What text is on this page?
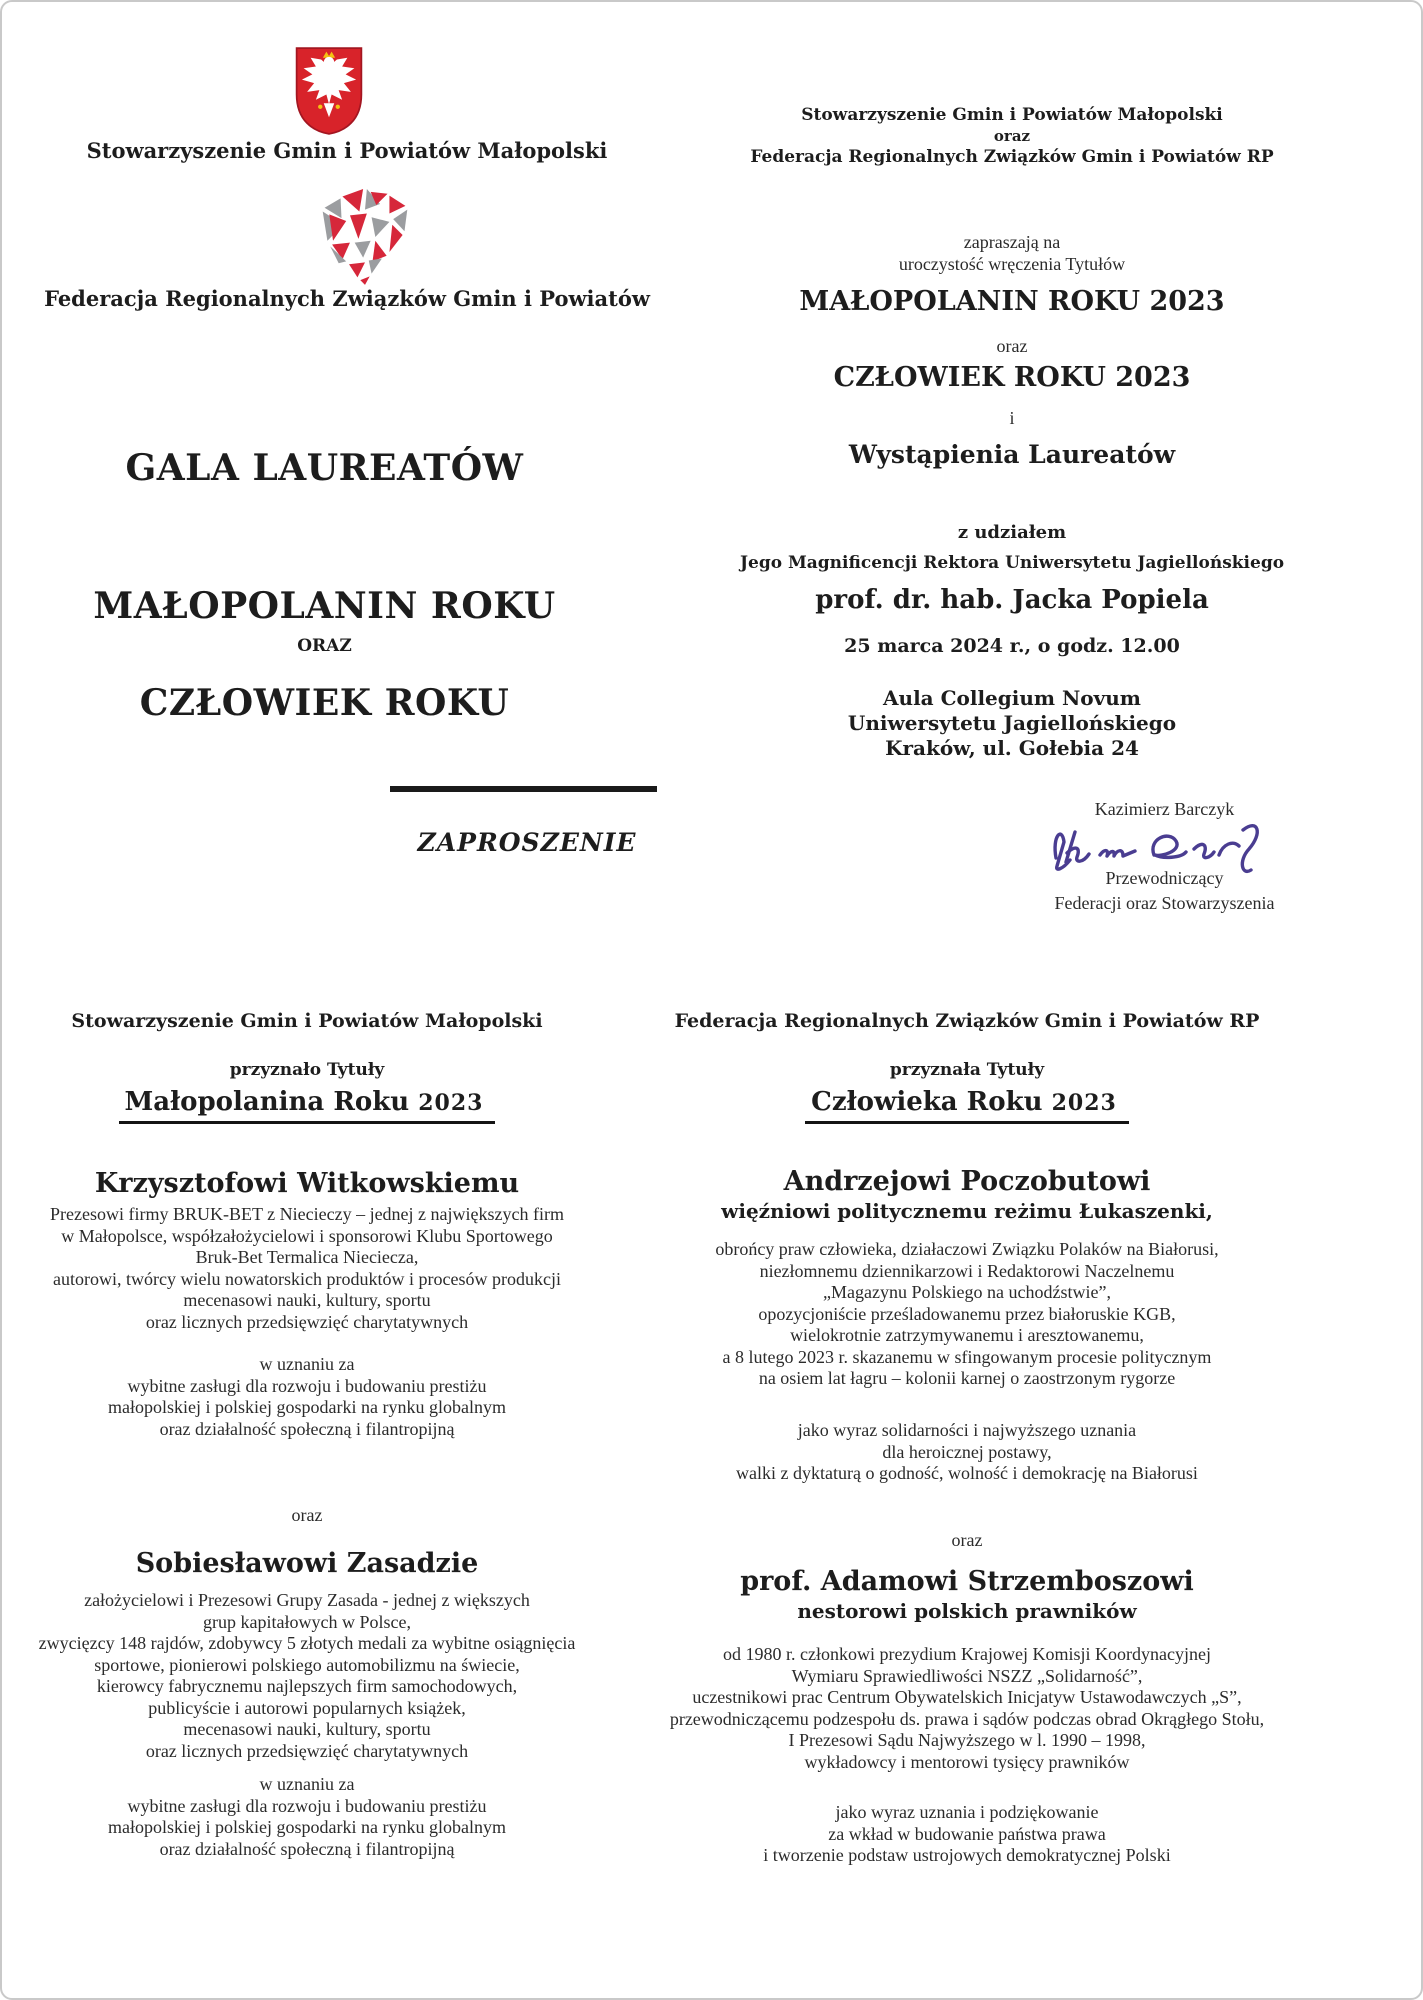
Stowarzyszenie Gmin i Powiatów Małopolski
Federacja Regionalnych Związków Gmin i Powiatów
GALA LAUREATÓW
MAŁOPOLANIN ROKU
ORAZ
CZŁOWIEK ROKU
ZAPROSZENIE
Stowarzyszenie Gmin i Powiatów Małopolski
oraz
Federacja Regionalnych Związków Gmin i Powiatów RP
zapraszają na
uroczystość wręczenia Tytułów
MAŁOPOLANIN ROKU 2023
oraz
CZŁOWIEK ROKU 2023
i
Wystąpienia Laureatów
z udziałem
Jego Magnificencji Rektora Uniwersytetu Jagiellońskiego
prof. dr. hab. Jacka Popiela
25 marca 2024 r., o godz. 12.00
Aula Collegium Novum
Uniwersytetu Jagiellońskiego
Kraków, ul. Gołebia 24
Kazimierz Barczyk
Przewodniczący
Federacji oraz Stowarzyszenia
Stowarzyszenie Gmin i Powiatów Małopolski
przyznało Tytuły
Małopolanina Roku 2023
Krzysztofowi Witkowskiemu
Prezesowi firmy BRUK-BET z Niecieczy – jednej z największych firm
w Małopolsce, współzałożycielowi i sponsorowi Klubu Sportowego
Bruk-Bet Termalica Nieciecza,
autorowi, twórcy wielu nowatorskich produktów i procesów produkcji
mecenasowi nauki, kultury, sportu
oraz licznych przedsięwzięć charytatywnych
w uznaniu za
wybitne zasługi dla rozwoju i budowaniu prestiżu
małopolskiej i polskiej gospodarki na rynku globalnym
oraz działalność społeczną i filantropijną
oraz
Sobiesławowi Zasadzie
założycielowi i Prezesowi Grupy Zasada - jednej z większych
grup kapitałowych w Polsce,
zwycięzcy 148 rajdów, zdobywcy 5 złotych medali za wybitne osiągnięcia
sportowe, pionierowi polskiego automobilizmu na świecie,
kierowcy fabrycznemu najlepszych firm samochodowych,
publicyście i autorowi popularnych książek,
mecenasowi nauki, kultury, sportu
oraz licznych przedsięwzięć charytatywnych
w uznaniu za
wybitne zasługi dla rozwoju i budowaniu prestiżu
małopolskiej i polskiej gospodarki na rynku globalnym
oraz działalność społeczną i filantropijną
Federacja Regionalnych Związków Gmin i Powiatów RP
przyznała Tytuły
Człowieka Roku 2023
Andrzejowi Poczobutowi
więźniowi politycznemu reżimu Łukaszenki,
obrońcy praw człowieka, działaczowi Związku Polaków na Białorusi,
niezłomnemu dziennikarzowi i Redaktorowi Naczelnemu
„Magazynu Polskiego na uchodźstwie”,
opozycjoniście prześladowanemu przez białoruskie KGB,
wielokrotnie zatrzymywanemu i aresztowanemu,
a 8 lutego 2023 r. skazanemu w sfingowanym procesie politycznym
na osiem lat łagru – kolonii karnej o zaostrzonym rygorze
jako wyraz solidarności i najwyższego uznania
dla heroicznej postawy,
walki z dyktaturą o godność, wolność i demokrację na Białorusi
oraz
prof. Adamowi Strzemboszowi
nestorowi polskich prawników
od 1980 r. członkowi prezydium Krajowej Komisji Koordynacyjnej
Wymiaru Sprawiedliwości NSZZ „Solidarność”,
uczestnikowi prac Centrum Obywatelskich Inicjatyw Ustawodawczych „S”,
przewodniczącemu podzespołu ds. prawa i sądów podczas obrad Okrągłego Stołu,
I Prezesowi Sądu Najwyższego w l. 1990 – 1998,
wykładowcy i mentorowi tysięcy prawników
jako wyraz uznania i podziękowanie
za wkład w budowanie państwa prawa
i tworzenie podstaw ustrojowych demokratycznej Polski
